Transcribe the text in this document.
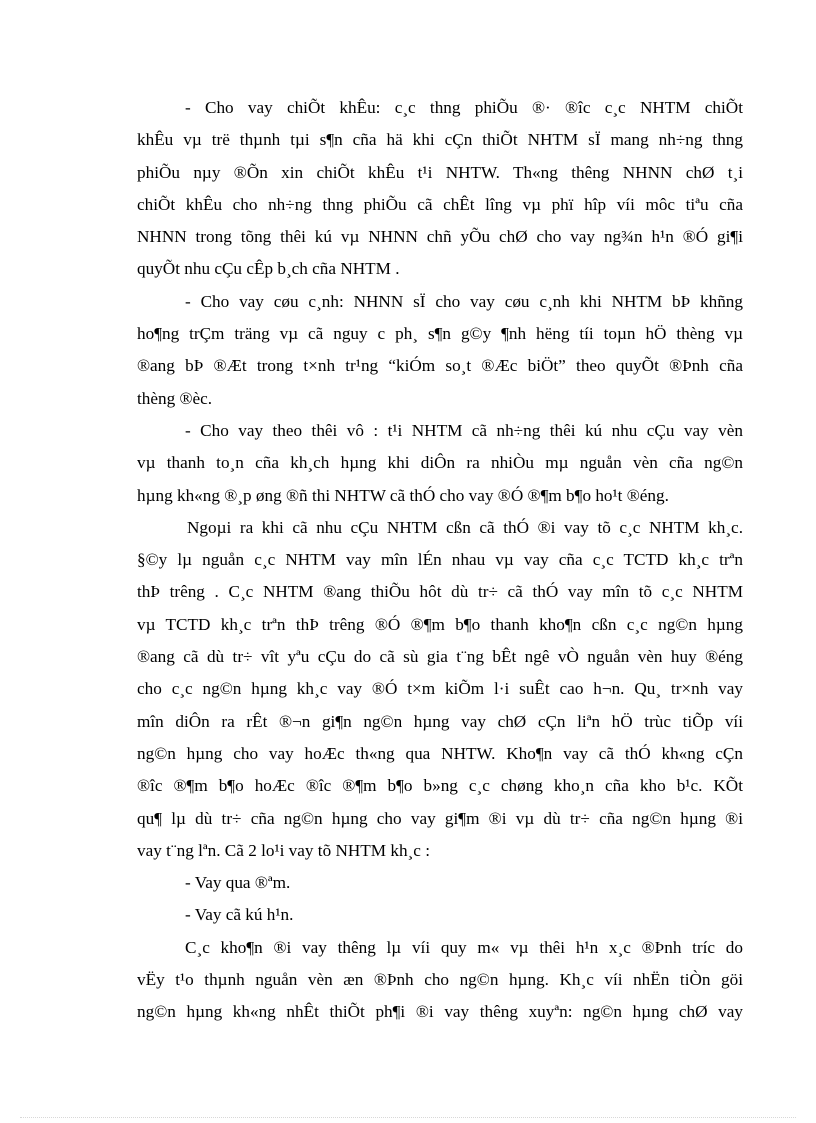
- Cho vay chiÕt khÊu: c¸c thng phiÕu ®· ®îc c¸c NHTM chiÕt
khÊu vµ trë thµnh tµi s¶n cña hä khi cÇn thiÕt NHTM sÏ mang nh÷ng thng
phiÕu nµy ®Õn xin chiÕt khÊu t¹i NHTW. Th«ng thêng NHNN chØ t¸i
chiÕt khÊu cho nh÷ng thng phiÕu cã chÊt lîng vµ phï hîp víi môc tiªu cña
NHNN trong tõng thêi kú vµ NHNN chñ yÕu chØ cho vay ng¾n h¹n ®Ó gi¶i
quyÕt nhu cÇu cÊp b¸ch cña NHTM .
- Cho vay cøu c¸nh: NHNN sÏ cho vay cøu c¸nh khi NHTM bÞ khñng
ho¶ng trÇm träng vµ cã nguy c ph¸ s¶n g©y ¶nh hëng tíi toµn hÖ thèng vµ
®ang bÞ ®Æt trong t×nh tr¹ng “kiÓm so¸t ®Æc biÖt” theo quyÕt ®Þnh cña
thèng ®èc.
- Cho vay theo thêi vô : t¹i NHTM cã nh÷ng thêi kú nhu cÇu vay vèn
vµ thanh to¸n cña kh¸ch hµng khi diÔn ra nhiÒu mµ nguån vèn cña ng©n
hµng kh«ng ®¸p øng ®ñ thi NHTW cã thÓ cho vay ®Ó ®¶m b¶o ho¹t ®éng.
Ngoµi ra khi cã nhu cÇu NHTM cßn cã thÓ ®i vay tõ c¸c NHTM kh¸c.
§©y lµ nguån c¸c NHTM vay mîn lÉn nhau vµ vay cña c¸c TCTD kh¸c trªn
thÞ trêng . C¸c NHTM ®ang thiÕu hôt dù tr÷ cã thÓ vay mîn tõ c¸c NHTM
vµ TCTD kh¸c trªn thÞ trêng ®Ó ®¶m b¶o thanh kho¶n cßn c¸c ng©n hµng
®ang cã dù tr÷ vît yªu cÇu do cã sù gia t¨ng bÊt ngê vÒ nguån vèn huy ®éng
cho c¸c ng©n hµng kh¸c vay ®Ó t×m kiÕm l·i suÊt cao h¬n. Qu¸ tr×nh vay
mîn diÔn ra rÊt ®¬n gi¶n ng©n hµng vay chØ cÇn liªn hÖ trùc tiÕp víi
ng©n hµng cho vay hoÆc th«ng qua NHTW. Kho¶n vay cã thÓ kh«ng cÇn
®îc ®¶m b¶o hoÆc ®îc ®¶m b¶o b»ng c¸c chøng kho¸n cña kho b¹c. KÕt
qu¶ lµ dù tr÷ cña ng©n hµng cho vay gi¶m ®i vµ dù tr÷ cña ng©n hµng ®i
vay t¨ng lªn. Cã 2 lo¹i vay tõ NHTM kh¸c :
- Vay qua ®ªm.
- Vay cã kú h¹n.
C¸c kho¶n ®i vay thêng lµ víi quy m« vµ thêi h¹n x¸c ®Þnh tríc do
vËy t¹o thµnh nguån vèn æn ®Þnh cho ng©n hµng. Kh¸c víi nhËn tiÒn göi
ng©n hµng kh«ng nhÊt thiÕt ph¶i ®i vay thêng xuyªn: ng©n hµng chØ vay
